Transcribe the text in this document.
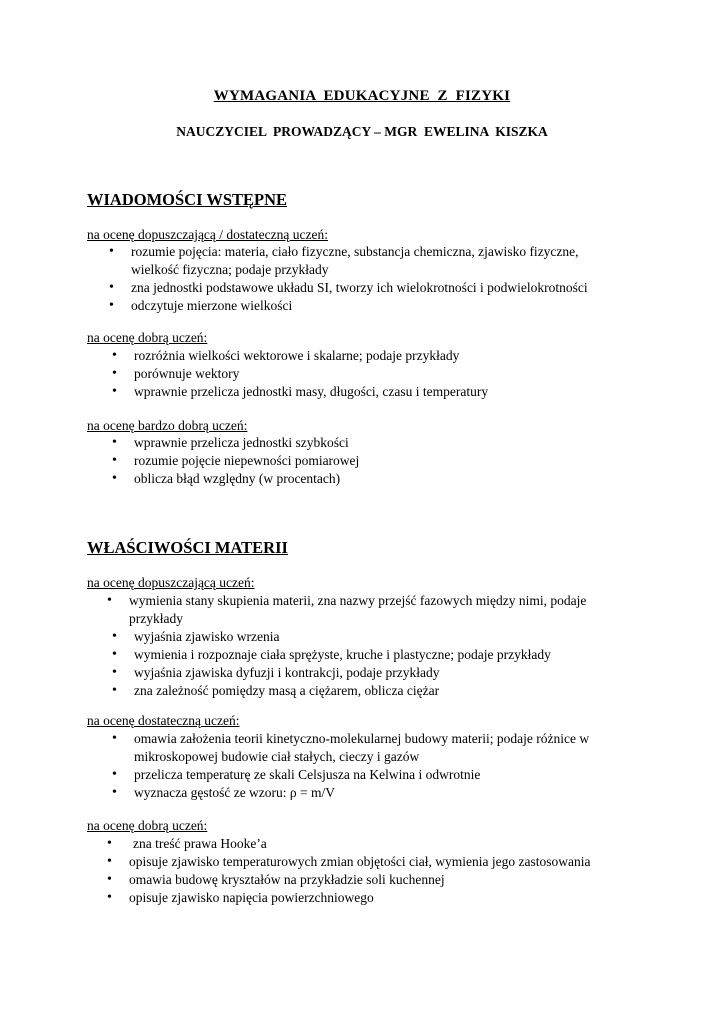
WYMAGANIA  EDUKACYJNE  Z  FIZYKI
NAUCZYCIEL  PROWADZĄCY – MGR  EWELINA  KISZKA
WIADOMOŚCI WSTĘPNE
na ocenę dopuszczającą / dostateczną uczeń:
• rozumie pojęcia: materia, ciało fizyczne, substancja chemiczna, zjawisko fizyczne, wielkość fizyczna; podaje przykłady
• zna jednostki podstawowe układu SI, tworzy ich wielokrotności i podwielokrotności
• odczytuje mierzone wielkości
na ocenę dobrą uczeń:
• rozróżnia wielkości wektorowe i skalarne; podaje przykłady
• porównuje wektory
• wprawnie przelicza jednostki masy, długości, czasu i temperatury
na ocenę bardzo dobrą uczeń:
• wprawnie przelicza jednostki szybkości
• rozumie pojęcie niepewności pomiarowej
• oblicza błąd względny (w procentach)
WŁAŚCIWOŚCI MATERII
na ocenę dopuszczającą uczeń:
• wymienia stany skupienia materii, zna nazwy przejść fazowych między nimi, podaje przykłady
• wyjaśnia zjawisko wrzenia
• wymienia i rozpoznaje ciała sprężyste, kruche i plastyczne; podaje przykłady
• wyjaśnia zjawiska dyfuzji i kontrakcji, podaje przykłady
• zna zależność pomiędzy masą a ciężarem, oblicza ciężar
na ocenę dostateczną uczeń:
• omawia założenia teorii kinetyczno-molekularnej budowy materii; podaje różnice w mikroskopowej budowie ciał stałych, cieczy i gazów
• przelicza temperaturę ze skali Celsjusza na Kelwina i odwrotnie
• wyznacza gęstość ze wzoru: ρ = m/V
na ocenę dobrą uczeń:
• zna treść prawa Hooke’a
• opisuje zjawisko temperaturowych zmian objętości ciał, wymienia jego zastosowania
• omawia budowę kryształów na przykładzie soli kuchennej
• opisuje zjawisko napięcia powierzchniowego
